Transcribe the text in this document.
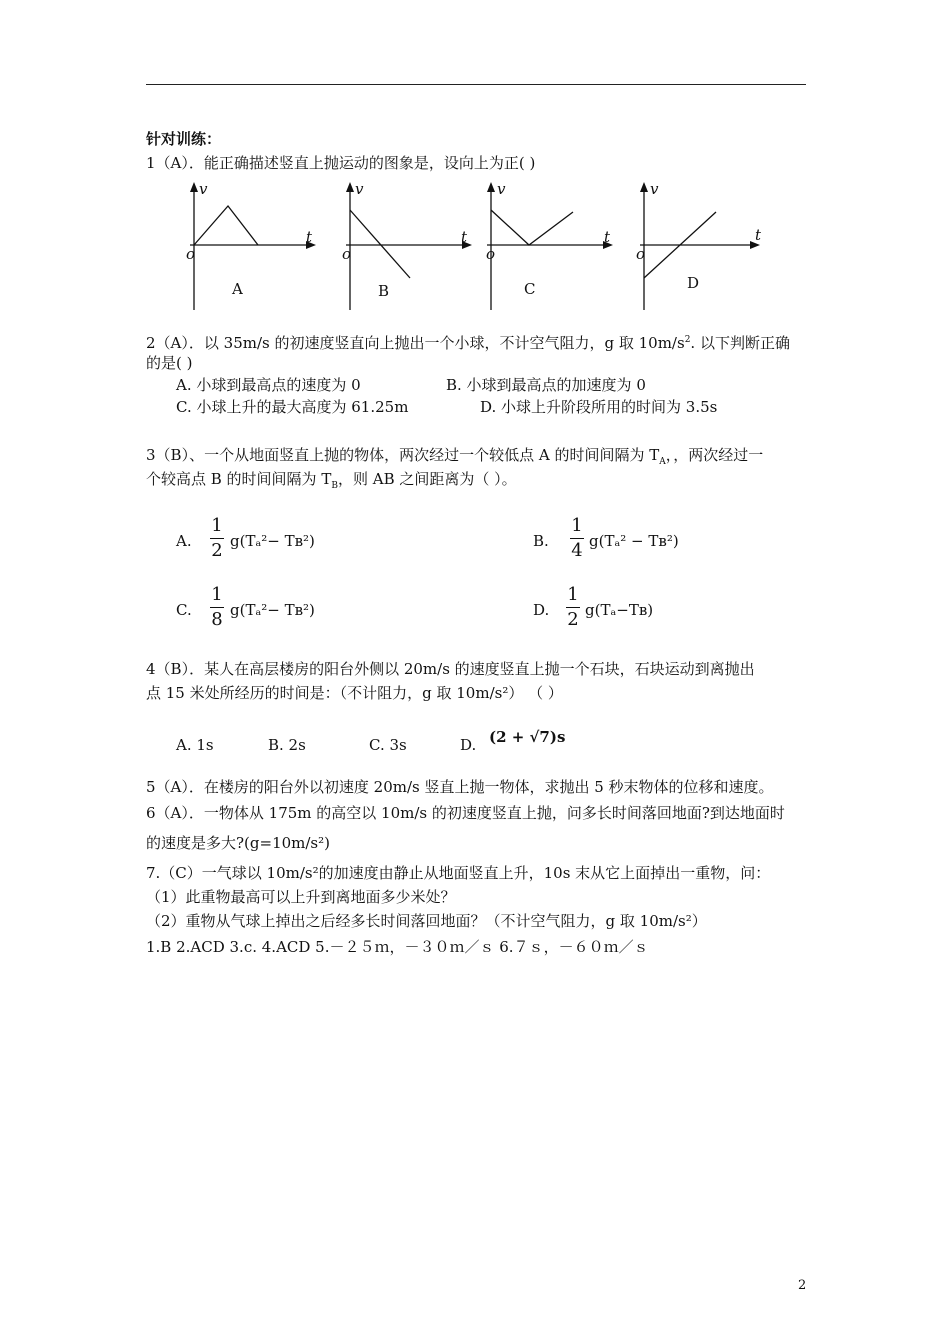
针对训练：
1（A）．能正确描述竖直上抛运动的图象是，设向上为正( )
v
t
o
A
v
t
o
B
v
t
o
C
v
t
o
D
2（A）．以 35m/s 的初速度竖直向上抛出一个小球，不计空气阻力，g 取 $10m/s^2$. 以下判断正确
的是( )
A. 小球到最高点的速度为 0	B. 小球到最高点的加速度为 0
C. 小球上升的最大高度为 61.25m	D. 小球上升阶段所用的时间为 3.5s
3（B）、一个从地面竖直上抛的物体，两次经过一个较低点 A 的时间间隔为 $T_A$，，两次经过一
个较高点 B 的时间间隔为 $T_B$，则 AB 之间距离为（ ）。
A.
1
2 g(Tₐ²− Tʙ²)	B.
1
4 g(Tₐ² − Tʙ²)
C.
1
8 g(Tₐ²− Tʙ²)	D.
1
2 g(Tₐ−Tʙ)
4（B）．某人在高层楼房的阳台外侧以 20m/s 的速度竖直上抛一个石块，石块运动到离抛出
点 15 米处所经历的时间是：（不计阻力，g 取 10m/s²） （ ）
A. 1s	B. 2s	C. 3s	D. (2 + √7)s
5（A）．在楼房的阳台外以初速度 20m/s 竖直上抛一物体，求抛出 5 秒末物体的位移和速度。
6（A）．一物体从 175m 的高空以 10m/s 的初速度竖直上抛，问多长时间落回地面?到达地面时
的速度是多大?(g=10m/s²)
7.（C）一气球以 10m/s²的加速度由静止从地面竖直上升，10s 末从它上面掉出一重物，问：
（1）此重物最高可以上升到离地面多少米处？
（2）重物从气球上掉出之后经多长时间落回地面？（不计空气阻力，g 取 10m/s²）
1.B 2.ACD 3.c. 4.ACD 5.－２５ｍ，－３０ｍ／ｓ 6.７ｓ，－６０ｍ／ｓ
2
